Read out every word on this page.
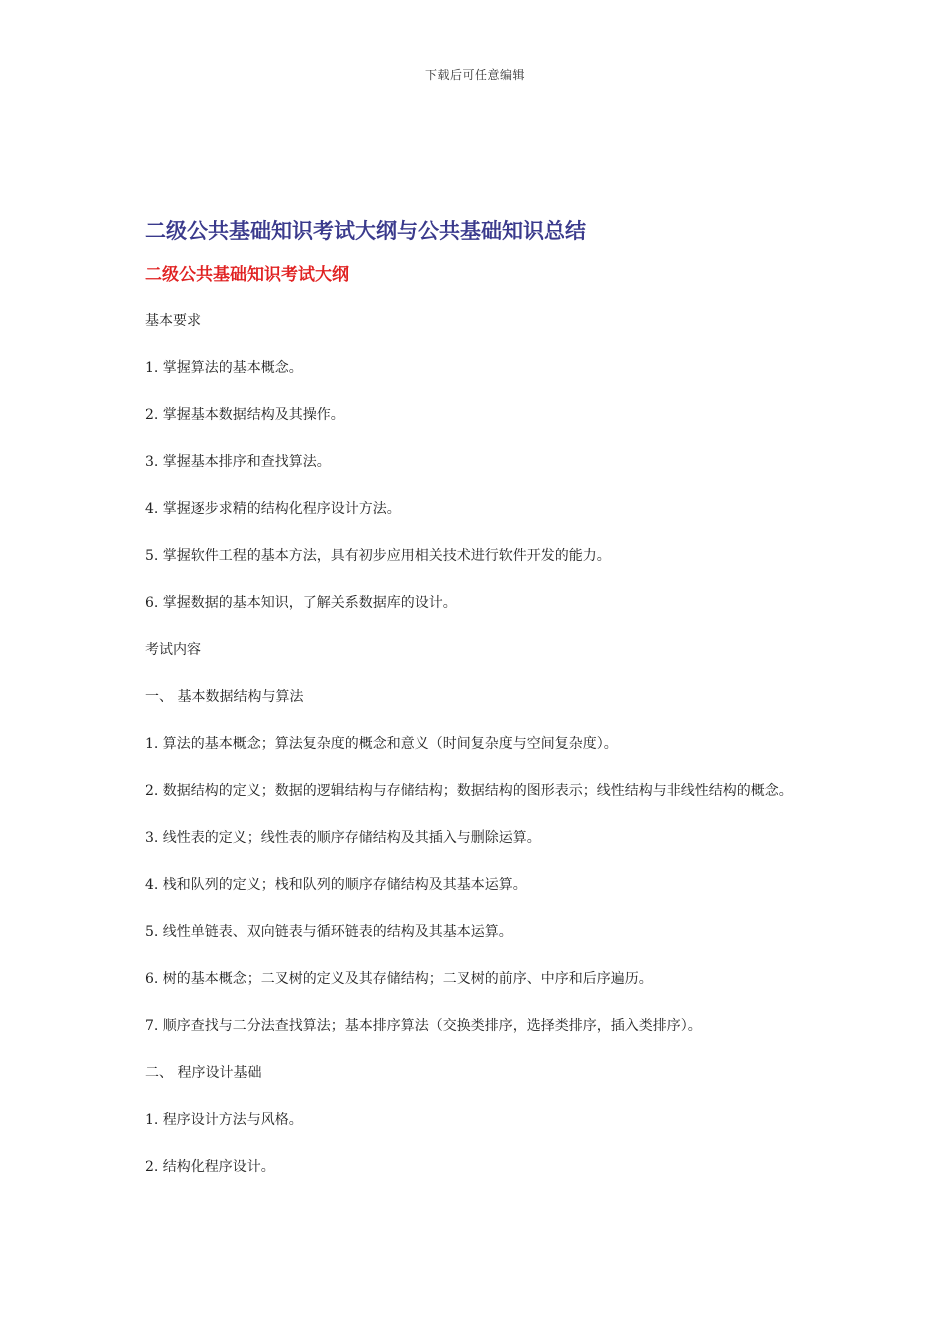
下载后可任意编辑
二级公共基础知识考试大纲与公共基础知识总结
二级公共基础知识考试大纲

基本要求

1. 掌握算法的基本概念。
2. 掌握基本数据结构及其操作。
3. 掌握基本排序和查找算法。
4. 掌握逐步求精的结构化程序设计方法。
5. 掌握软件工程的基本方法，具有初步应用相关技术进行软件开发的能力。
6. 掌握数据的基本知识，了解关系数据库的设计。

考试内容

一、 基本数据结构与算法

1. 算法的基本概念；算法复杂度的概念和意义（时间复杂度与空间复杂度）。
2. 数据结构的定义；数据的逻辑结构与存储结构；数据结构的图形表示；线性结构与非线性结构的概念。
3. 线性表的定义；线性表的顺序存储结构及其插入与删除运算。
4. 栈和队列的定义；栈和队列的顺序存储结构及其基本运算。
5. 线性单链表、双向链表与循环链表的结构及其基本运算。
6. 树的基本概念；二叉树的定义及其存储结构；二叉树的前序、中序和后序遍历。
7. 顺序查找与二分法查找算法；基本排序算法（交换类排序，选择类排序，插入类排序）。

二、 程序设计基础

1. 程序设计方法与风格。
2. 结构化程序设计。
